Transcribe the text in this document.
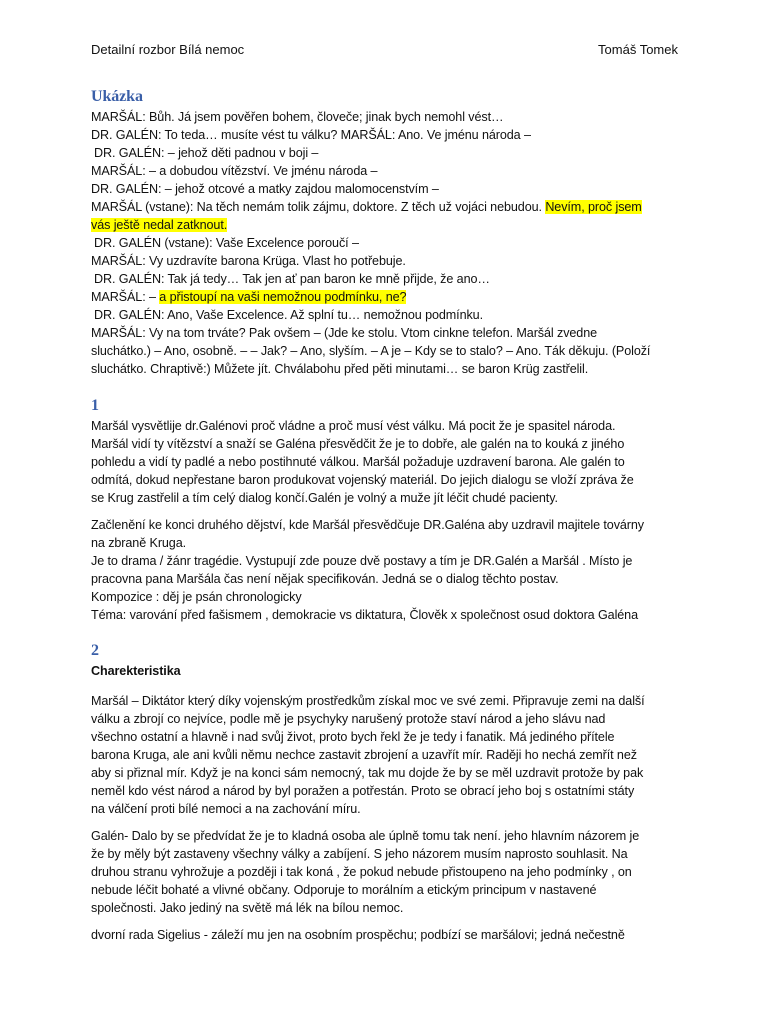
Detailní rozbor Bílá nemoc	Tomáš Tomek
Ukázka

MARŠÁL: Bůh. Já jsem pověřen bohem, človeče; jinak bych nemohl vést…

DR. GALÉN: To teda… musíte vést tu válku? MARŠÁL: Ano. Ve jménu národa –

DR. GALÉN: – jehož děti padnou v boji –

MARŠÁL: – a dobudou vítězství. Ve jménu národa –

DR. GALÉN: – jehož otcové a matky zajdou malomocenstvím –

MARŠÁL (vstane): Na těch nemám tolik zájmu, doktore. Z těch už vojáci nebudou. Nevím, proč jsem

vás ještě nedal zatknout.

DR. GALÉN (vstane): Vaše Excelence poroučí –

MARŠÁL: Vy uzdravíte barona Krüga. Vlast ho potřebuje.

DR. GALÉN: Tak já tedy… Tak jen ať pan baron ke mně přijde, že ano…

MARŠÁL: – a přistoupí na vaši nemožnou podmínku, ne?

DR. GALÉN: Ano, Vaše Excelence. Až splní tu… nemožnou podmínku.

MARŠÁL: Vy na tom trváte? Pak ovšem – (Jde ke stolu. Vtom cinkne telefon. Maršál zvedne

sluchátko.) – Ano, osobně. – – Jak? – Ano, slyším. – A je – Kdy se to stalo? – Ano. Ták děkuju. (Položí

sluchátko. Chraptivě:) Můžete jít. Chválabohu před pěti minutami… se baron Krüg zastřelil.

1

Maršál vysvětlije dr.Galénovi proč vládne a proč musí vést válku. Má pocit že je spasitel národa.

Maršál vidí ty vítězství a snaží se Galéna přesvědčit že je to dobře, ale galén na to kouká z jiného

pohledu a vidí ty padlé a nebo postihnuté válkou. Maršál požaduje uzdravení barona. Ale galén to

odmítá, dokud nepřestane baron produkovat vojenský materiál. Do jejich dialogu se vloží zpráva že

se Krug zastřelil a tím celý dialog končí.Galén je volný a muže jít léčit chudé pacienty.

Začlenění ke konci druhého dějství, kde Maršál přesvědčuje DR.Galéna aby uzdravil majitele továrny

na zbraně Kruga.

Je to drama / žánr tragédie. Vystupují zde pouze dvě postavy a tím je DR.Galén a Maršál . Místo je

pracovna pana Maršála čas není nějak specifikován. Jedná se o dialog těchto postav.

Kompozice : děj je psán chronologicky

Téma: varování před fašismem , demokracie vs diktatura, Člověk x společnost osud doktora Galéna

2

Charekteristika

Maršál – Diktátor který díky vojenským prostředkům získal moc ve své zemi. Připravuje zemi na další

válku a zbrojí co nejvíce, podle mě je psychyky narušený protože staví národ a jeho slávu nad

všechno ostatní a hlavně i nad svůj život, proto bych řekl že je tedy i fanatik. Má jediného přítele

barona Kruga, ale ani kvůli němu nechce zastavit zbrojení a uzavřít mír. Raději ho nechá zemřít než

aby si přiznal mír. Když je na konci sám nemocný, tak mu dojde že by se měl uzdravit protože by pak

neměl kdo vést národ a národ by byl poražen a potřestán. Proto se obrací jeho boj s ostatními státy

na válčení proti bílé nemoci a na zachování míru.

Galén- Dalo by se předvídat že je to kladná osoba ale úplně tomu tak není. jeho hlavním názorem je

že by měly být zastaveny všechny války a zabíjení. S jeho názorem musím naprosto souhlasit. Na

druhou stranu vyhrožuje a později i tak koná , že pokud nebude přistoupeno na jeho podmínky , on

nebude léčit bohaté a vlivné občany. Odporuje to morálním a etickým principum v nastavené

společnosti. Jako jediný na světě má lék na bílou nemoc.

dvorní rada Sigelius - záleží mu jen na osobním prospěchu; podbízí se maršálovi; jedná nečestně
